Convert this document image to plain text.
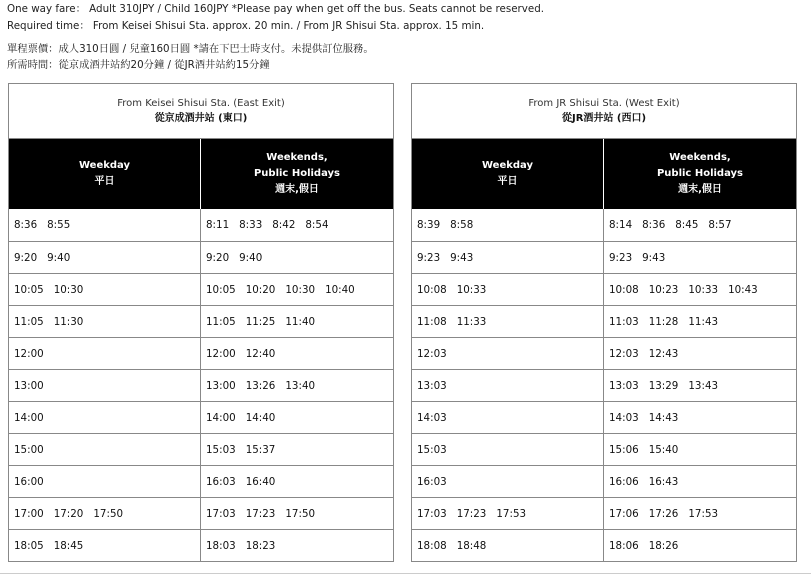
One way fare： Adult 310JPY / Child 160JPY *Please pay when get off the bus. Seats cannot be reserved.
Required time： From Keisei Shisui Sta. approx. 20 min. / From JR Shisui Sta. approx. 15 min.
單程票價：成人310日圓 / 兒童160日圓 *請在下巴士時支付。未提供訂位服務。
所需時間：從京成酒井站約20分鐘 / 從JR酒井站約15分鐘
From Keisei Shisui Sta. (East Exit)
從京成酒井站 (東口)
Weekday
平日
Weekends,
Public Holidays
週末,假日
8:36 8:55	8:11 8:33 8:42 8:54
9:20 9:40	9:20 9:40
10:05 10:30	10:05 10:20 10:30 10:40
11:05 11:30	11:05 11:25 11:40
12:00	12:00 12:40
13:00	13:00 13:26 13:40
14:00	14:00 14:40
15:00	15:03 15:37
16:00	16:03 16:40
17:00 17:20 17:50	17:03 17:23 17:50
18:05 18:45	18:03 18:23
From JR Shisui Sta. (West Exit)
從JR酒井站 (西口)
Weekday
平日
Weekends,
Public Holidays
週末,假日
8:39 8:58	8:14 8:36 8:45 8:57
9:23 9:43	9:23 9:43
10:08 10:33	10:08 10:23 10:33 10:43
11:08 11:33	11:03 11:28 11:43
12:03	12:03 12:43
13:03	13:03 13:29 13:43
14:03	14:03 14:43
15:03	15:06 15:40
16:03	16:06 16:43
17:03 17:23 17:53	17:06 17:26 17:53
18:08 18:48	18:06 18:26
